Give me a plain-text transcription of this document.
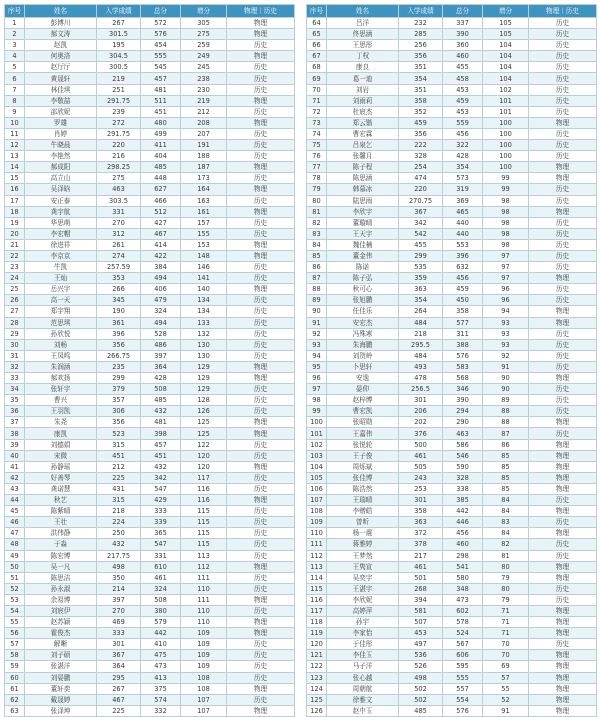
序号	姓名	入学成绩	总分	增分	物理｜历史
1	彭博川	267	572	305	物理
2	郝文涛	301.5	576	275	物理
3	赵凯	195	454	259	历史
4	何奥洛	304.5	555	249	物理
5	赵厅厅	300.5	545	245	历史
6	黄晟轩	219	457	238	历史
7	林佳琪	251	481	230	历史
8	李敬喆	291.75	511	219	物理
9	邵欣妮	239	451	212	历史
10	罗雄	272	480	208	物理
11	肖婷	291.75	499	207	历史
12	牛晓晨	220	411	191	历史
13	李艳然	216	404	188	历史
14	郝成阳	298.25	485	187	物理
15	高立山	275	448	173	历史
16	吴泽晗	463	627	164	物理
17	安正泰	303.5	466	163	历史
18	龚宇航	331	512	161	物理
19	华思萌	270	427	157	历史
20	李宏帽	312	467	155	历史
21	徐进祥	261	414	153	物理
22	李京京	274	422	148	物理
23	牛凯	257.59	384	146	历史
24	王灿	353	494	141	历史
25	岳兴宇	266	406	140	物理
26	高一天	345	479	134	历史
27	郑宇翔	190	324	134	历史
28	范思琪	361	494	133	历史
29	孙欣悦	396	528	132	历史
30	刘畅	356	486	130	历史
31	王凤鸣	266.75	397	130	历史
32	朱润涵	235	364	129	物理
33	郝欢扬	299	428	129	物理
34	张轩宇	379	508	129	历史
35	曹兴	357	485	128	历史
36	王羽凯	306	432	126	历史
37	朱尧	356	481	125	物理
38	康凯	523	398	125	物理
39	刘德娟	315	457	122	历史
40	宋微	451	451	120	历史
41	孙静瑶	212	432	120	物理
42	好善琴	225	342	117	历史
43	龚诺慧	431	547	116	历史
44	秋艺	315	429	116	物理
45	陈紫晴	218	333	115	历史
46	王壮	224	339	115	历史
47	洪伟静	250	365	115	历史
48	于淼	432	547	115	历史
49	陈宏博	217.75	331	113	历史
50	吴一凡	498	610	112	物理
51	陈思洁	350	461	111	历史
52	孙永淑	214	324	110	历史
53	余易博	397	508	111	物理
54	刘宸伊	270	380	110	历史
55	赵苏颖	469	579	110	物理
56	霍俊杰	333	442	109	物理
57	解晰	301	410	109	历史
58	刘子硕	367	475	109	历史
59	张湛洋	364	473	109	历史
60	刘晏鹏	295	413	108	历史
61	董轩奕	267	375	108	物理
62	戴晟婷	467	574	107	历史
63	张泽坤	225	332	107	物理
序号	姓名	入学成绩	总分	增分	物理｜历史
64	吕洋	232	337	105	历史
65	佟思涵	285	390	105	历史
66	王思彤	256	360	104	历史
67	丁权	356	460	104	历史
68	康良	351	455	104	历史
69	葛一迪	354	458	104	历史
70	刘岩	351	453	102	历史
71	刘雨莉	358	459	101	历史
72	杜宸杰	352	453	101	历史
73	郑云锴	459	559	100	物理
74	曹宏霖	356	456	100	历史
75	吕泉乞	222	322	100	历史
76	张馨月	328	428	100	历史
77	陈子程	254	354	100	物理
78	陈思涵	474	573	99	物理
79	韩慕冰	220	319	99	历史
80	陆思雨	270.75	369	98	历史
81	李欣宇	367	465	98	物理
82	董璇晴	342	440	98	历史
83	王天宇	542	440	98	历史
84	魏佳楠	455	553	98	历史
85	董金伟	299	396	97	历史
86	陈诺	535	632	97	历史
87	陈子弘	359	456	97	物理
88	秋可心	363	459	96	历史
89	张旭鹏	354	450	96	历史
90	任佳乐	264	358	94	物理
91	安宏杰	484	577	93	物理
92	冯殊寒	218	311	93	历史
93	朱海鹏	295.5	388	93	历史
94	刘贺岭	484	576	92	历史
95	卜思轩	493	583	91	历史
96	安逸	478	568	90	物理
97	晏仰	256.5	346	90	历史
98	赵梓博	301	390	89	历史
99	曹宏凯	206	294	88	历史
100	张昭勋	202	290	88	物理
101	王嘉伟	376	463	87	历史
102	张悦轮	500	586	86	物理
103	王子俊	461	546	85	物理
104	周烁斌	505	590	85	物理
105	张佳博	243	328	85	物理
106	陈浩然	253	338	85	物理
107	王瑞晴	301	385	84	历史
108	李赠皓	358	442	84	物理
109	曾昕	363	446	83	历史
110	杨一震	372	456	84	物理
111	蒋雅婷	378	460	82	历史
112	王梦然	217	298	81	历史
113	王隽宣	461	541	80	物理
114	吴奕宇	501	580	79	物理
115	王湛宇	268	348	80	历史
116	李欣妮	394	473	79	历史
117	高婷萍	581	602	71	物理
118	孙宇	507	578	71	物理
119	李家怡	453	524	71	物理
120	于佳彤	497	567	70	历史
121	李佳玉	536	606	70	物理
122	马子洋	526	595	69	物理
123	张心越	498	555	57	物理
124	周朝航	502	557	55	物理
125	徐雅文	502	554	52	物理
126	赵中玉	485	576	91	物理
